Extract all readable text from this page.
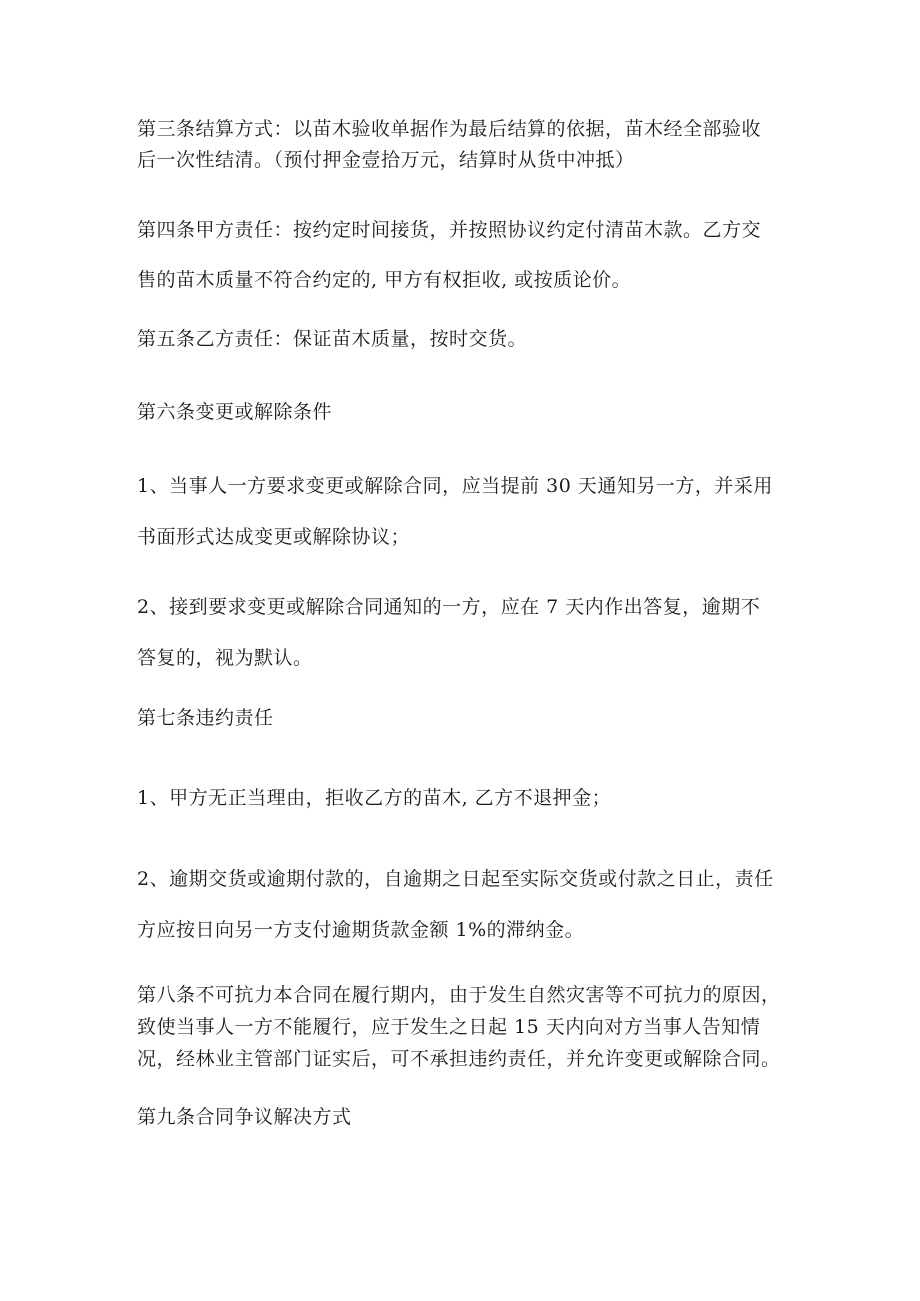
第三条结算方式：以苗木验收单据作为最后结算的依据，苗木经全部验收
后一次性结清。（预付押金壹拾万元，结算时从货中冲抵）

第四条甲方责任：按约定时间接货，并按照协议约定付清苗木款。乙方交
售的苗木质量不符合约定的, 甲方有权拒收, 或按质论价。

第五条乙方责任：保证苗木质量，按时交货。

第六条变更或解除条件

1、当事人一方要求变更或解除合同，应当提前 30 天通知另一方，并采用
书面形式达成变更或解除协议；

2、接到要求变更或解除合同通知的一方，应在 7 天内作出答复，逾期不
答复的，视为默认。

第七条违约责任

1、甲方无正当理由，拒收乙方的苗木, 乙方不退押金；

2、逾期交货或逾期付款的，自逾期之日起至实际交货或付款之日止，责任
方应按日向另一方支付逾期货款金额 1%的滞纳金。

第八条不可抗力本合同在履行期内，由于发生自然灾害等不可抗力的原因，
致使当事人一方不能履行，应于发生之日起 15 天内向对方当事人告知情
况，经林业主管部门证实后，可不承担违约责任，并允许变更或解除合同。

第九条合同争议解决方式
